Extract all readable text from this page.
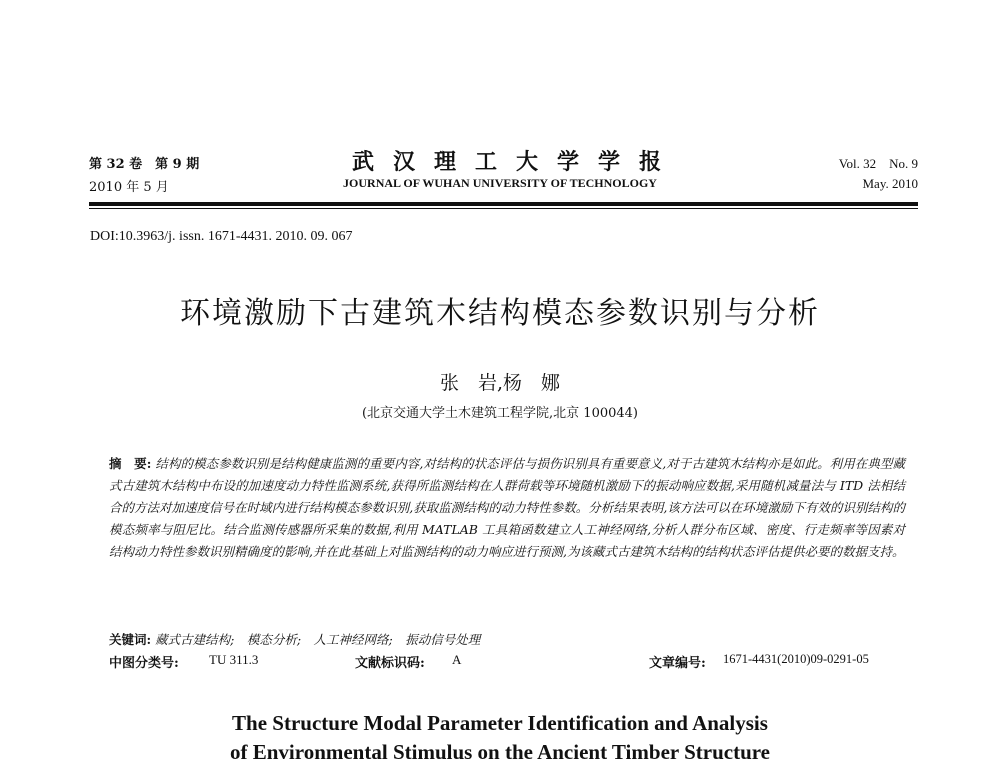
第 32 卷　第 9 期
2010 年 5 月
武汉理工大学学报
JOURNAL OF WUHAN UNIVERSITY OF TECHNOLOGY
Vol. 32　No. 9
May. 2010
DOI:10.3963/j. issn. 1671-4431. 2010. 09. 067
环境激励下古建筑木结构模态参数识别与分析
张　岩,杨　娜
(北京交通大学土木建筑工程学院,北京 100044)
摘　要: 结构的模态参数识别是结构健康监测的重要内容,对结构的状态评估与损伤识别具有重要意义,对于古建筑木结构亦是如此。利用在典型藏式古建筑木结构中布设的加速度动力特性监测系统,获得所监测结构在人群荷载等环境随机激励下的振动响应数据,采用随机减量法与 ITD 法相结合的方法对加速度信号在时域内进行结构模态参数识别,获取监测结构的动力特性参数。分析结果表明,该方法可以在环境激励下有效的识别结构的模态频率与阻尼比。结合监测传感器所采集的数据,利用 MATLAB 工具箱函数建立人工神经网络,分析人群分布区域、密度、行走频率等因素对结构动力特性参数识别精确度的影响,并在此基础上对监测结构的动力响应进行预测,为该藏式古建筑木结构的结构状态评估提供必要的数据支持。
关键词: 藏式古建结构;　模态分析;　人工神经网络;　振动信号处理
中图分类号: TU 311.3	文献标识码: A	文章编号: 1671-4431(2010)09-0291-05
The Structure Modal Parameter Identification and Analysis
of Environmental Stimulus on the Ancient Timber Structure
